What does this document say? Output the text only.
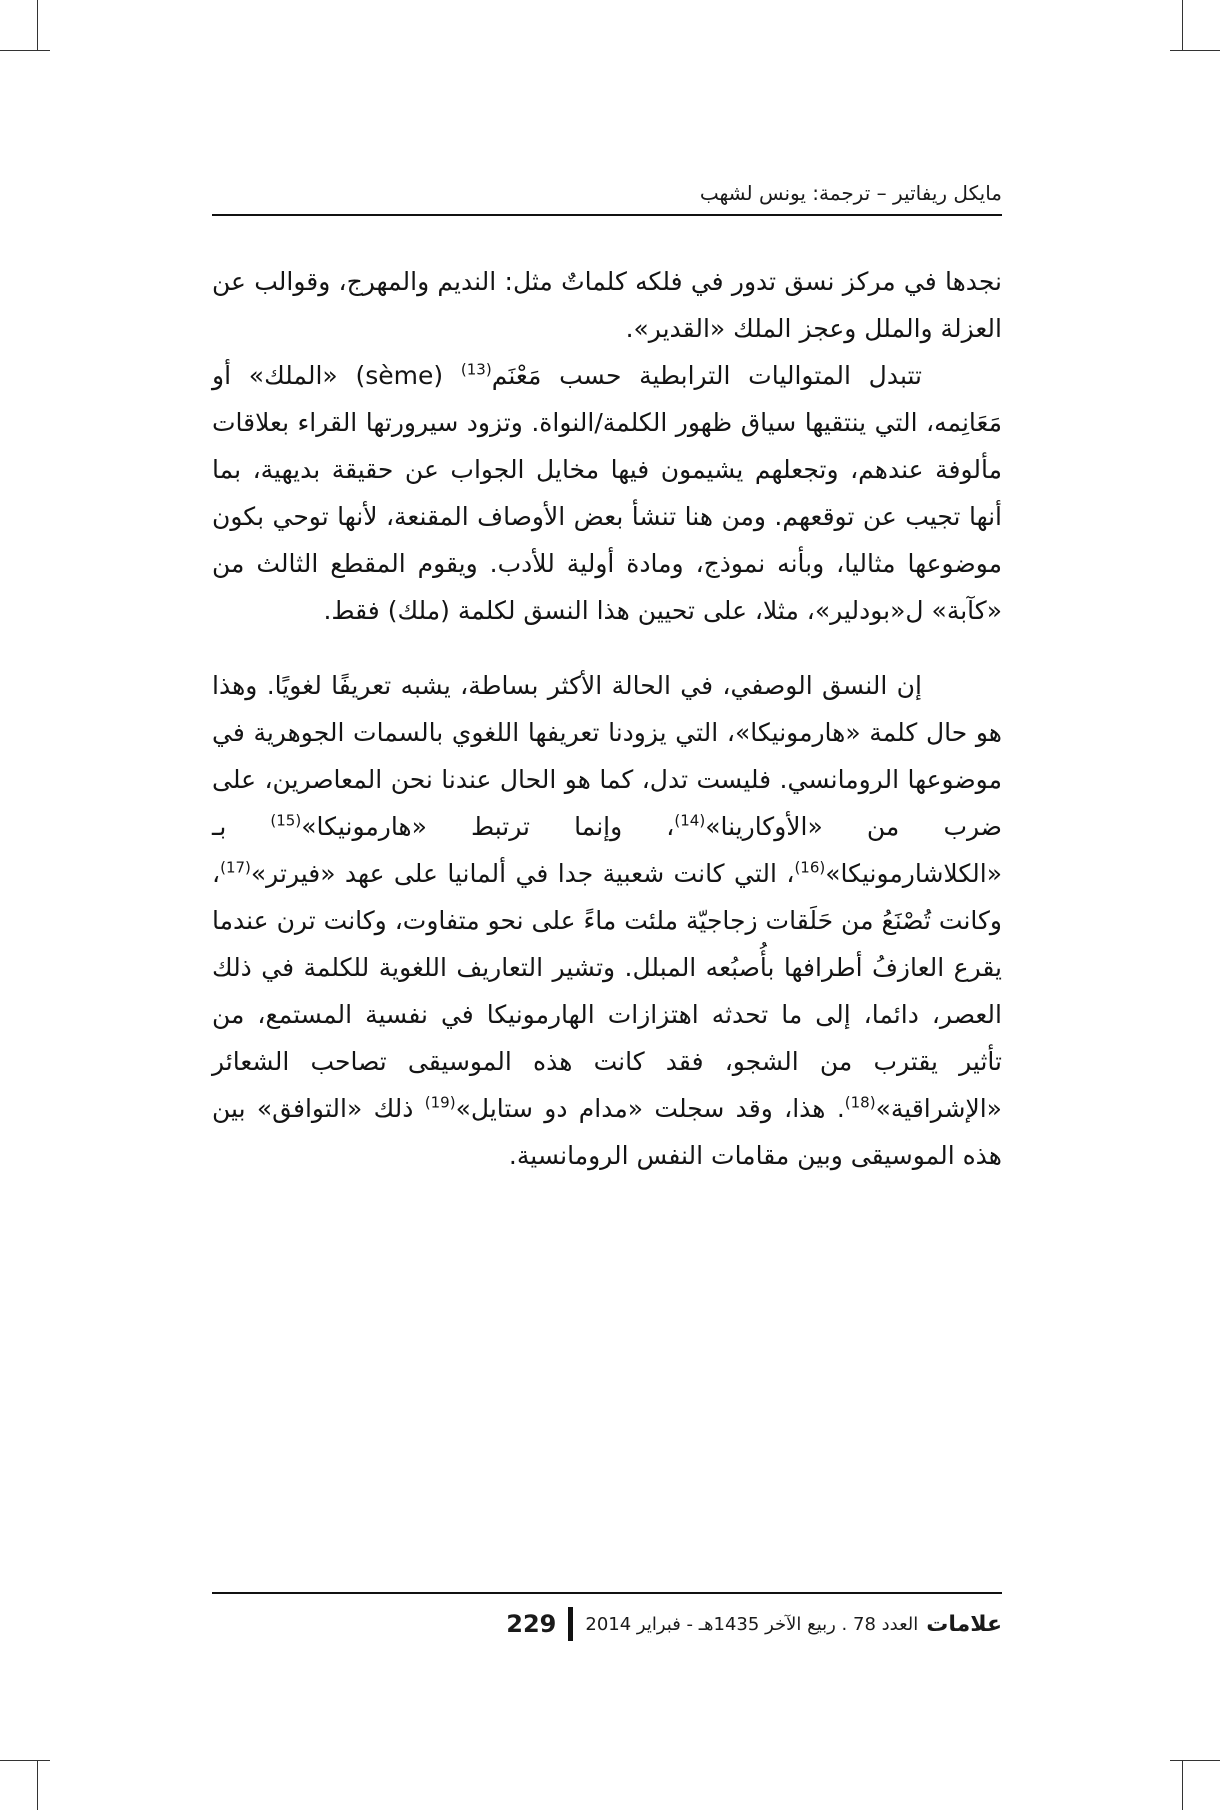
مايكل ريفاتير – ترجمة: يونس لشهب

نجدها في مركز نسق تدور في فلكه كلماتٌ مثل: النديم والمهرج، وقوالب عن العزلة والملل وعجز الملك «القدير».

تتبدل المتواليات الترابطية حسب مَعْنَم$^{(13)}$ (sème) «الملك» أو مَعَانِمه، التي ينتقيها سياق ظهور الكلمة/النواة. وتزود سيرورتها القراء بعلاقات مألوفة عندهم، وتجعلهم يشيمون فيها مخايل الجواب عن حقيقة بديهية، بما أنها تجيب عن توقعهم. ومن هنا تنشأ بعض الأوصاف المقنعة، لأنها توحي بكون موضوعها مثاليا، وبأنه نموذج، ومادة أولية للأدب. ويقوم المقطع الثالث من «كآبة» ل«بودلير»، مثلا، على تحيين هذا النسق لكلمة (ملك) فقط.

إن النسق الوصفي، في الحالة الأكثر بساطة، يشبه تعريفًا لغويًا. وهذا هو حال كلمة «هارمونيكا»، التي يزودنا تعريفها اللغوي بالسمات الجوهرية في موضوعها الرومانسي. فليست تدل، كما هو الحال عندنا نحن المعاصرين، على ضرب من «الأوكارينا»$^{(14)}$، وإنما ترتبط «هارمونيكا»$^{(15)}$ بـ «الكلاشارمونيكا»$^{(16)}$، التي كانت شعبية جدا في ألمانيا على عهد «فيرتر»$^{(17)}$، وكانت تُصْنَعُ من حَلَقات زجاجيّة ملئت ماءً على نحو متفاوت، وكانت ترن عندما يقرع العازفُ أطرافها بأُصبُعه المبلل. وتشير التعاريف اللغوية للكلمة في ذلك العصر، دائما، إلى ما تحدثه اهتزازات الهارمونيكا في نفسية المستمع، من تأثير يقترب من الشجو، فقد كانت هذه الموسيقى تصاحب الشعائر «الإشراقية»$^{(18)}$. هذا، وقد سجلت «مدام دو ستايل»$^{(19)}$ ذلك «التوافق» بين هذه الموسيقى وبين مقامات النفس الرومانسية.

علامات
العدد 78 . ربيع الآخر 1435هـ - فبراير 2014
229
